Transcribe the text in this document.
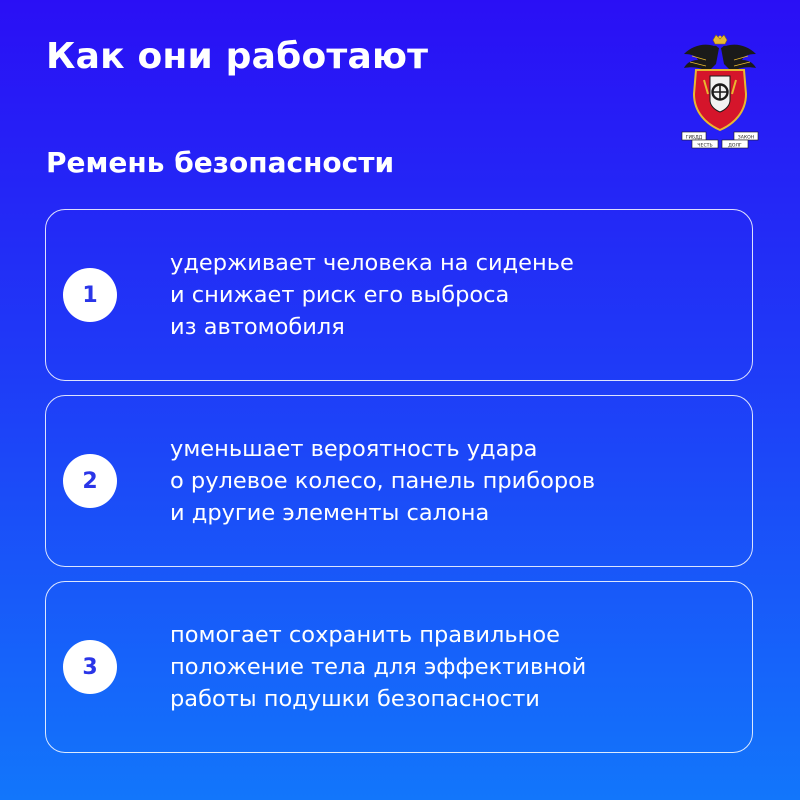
Как они работают
Ремень безопасности
ГИБДД	ЗАКОН
ЧЕСТЬ	ДОЛГ
1
удерживает человека на сиденье
и снижает риск его выброса
из автомобиля
2
уменьшает вероятность удара
о рулевое колесо, панель приборов
и другие элементы салона
3
помогает сохранить правильное
положение тела для эффективной
работы подушки безопасности
